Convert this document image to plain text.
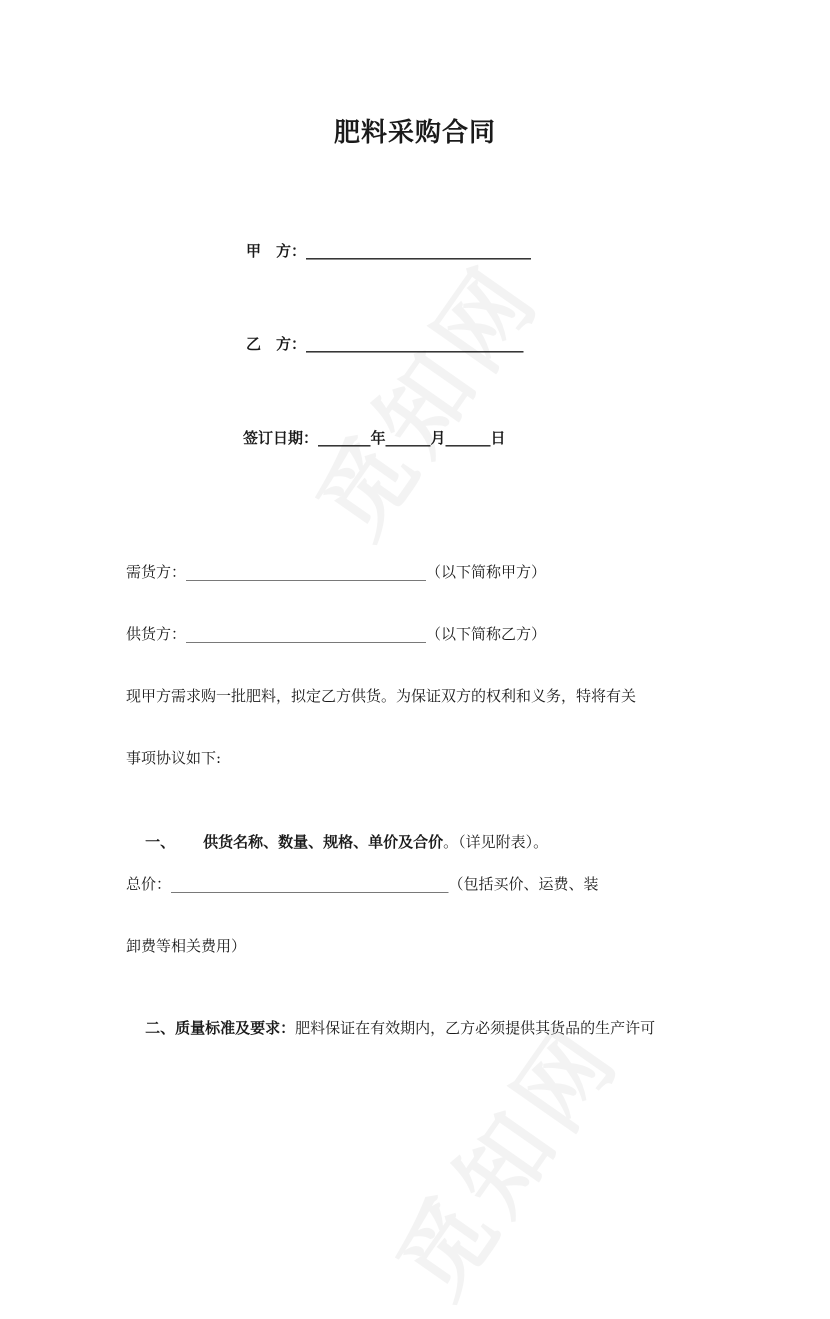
肥料采购合同
甲　方：______________________________
乙　方：_____________________________
签订日期：_______年______月______日
需货方：________________________________（以下简称甲方）
供货方：________________________________（以下简称乙方）
现甲方需求购一批肥料，拟定乙方供货。为保证双方的权利和义务，特将有关
事项协议如下:

一、 供货名称、数量、规格、单价及合价。（详见附表）。

总价：_____________________________________（包括买价、运费、装
卸费等相关费用）

二、质量标准及要求：肥料保证在有效期内，乙方必须提供其货品的生产许可
